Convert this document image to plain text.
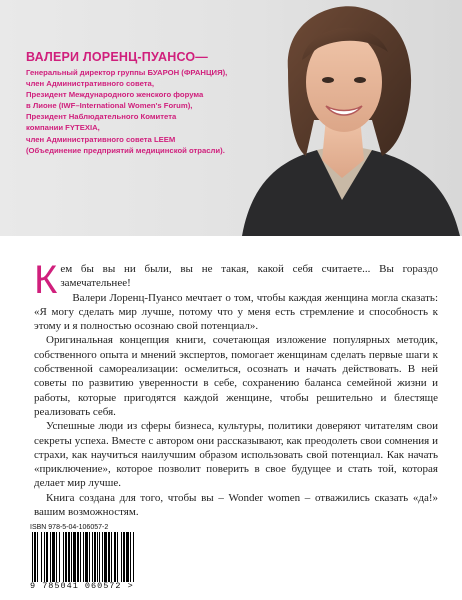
ВАЛЕРИ ЛОРЕНЦ-ПУАНСО—
Генеральный директор группы БУАРОН (ФРАНЦИЯ),
член Административного совета,
Президент Международного женского форума
в Лионе (IWF–International Women's Forum),
Президент Наблюдательного Комитета
компании FYTEXIA,
член Административного совета LEEM
(Объединение предприятий медицинской отрасли).

Кем бы вы ни были, вы не такая, какой себя считаете... Вы гораздо замечательнее!

Валери Лоренц-Пуансо мечтает о том, чтобы каждая женщина могла сказать: «Я могу сделать мир лучше, потому что у меня есть стремление и способность к этому и я полностью осознаю свой потенциал».

Оригинальная концепция книги, сочетающая изложение популярных методик, собственного опыта и мнений экспертов, помогает женщинам сделать первые шаги к собственной самореализации: осмелиться, осознать и начать действовать. В ней советы по развитию уверенности в себе, сохранению баланса семейной жизни и работы, которые пригодятся каждой женщине, чтобы решительно и блестяще реализовать себя.

Успешные люди из сферы бизнеса, культуры, политики доверяют читателям свои секреты успеха. Вместе с автором они рассказывают, как преодолеть свои сомнения и страхи, как научиться наилучшим образом использовать свой потенциал. Как начать «приключение», которое позволит поверить в свое будущее и стать той, которая делает мир лучше.

Книга создана для того, чтобы вы – Wonder women – отважились сказать «да!» вашим возможностям.

ISBN 978-5-04-106057-2
9 785041 060572 >
